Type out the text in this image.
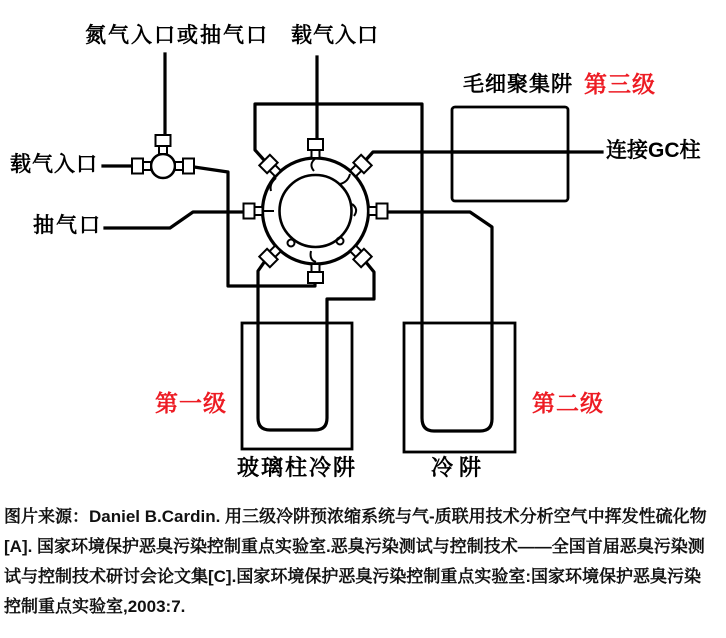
氮气入口或抽气口 载气入口
载气入口
抽气口
毛细聚集阱 第三级
连接GC柱
第一级	第二级
玻璃柱冷阱	冷阱
图片来源：Daniel B.Cardin. 用三级冷阱预浓缩系统与气-质联用技术分析空气中挥发性硫化物
[A]. 国家环境保护恶臭污染控制重点实验室.恶臭污染测试与控制技术——全国首届恶臭污染测
试与控制技术研讨会论文集[C].国家环境保护恶臭污染控制重点实验室:国家环境保护恶臭污染
控制重点实验室,2003:7.
